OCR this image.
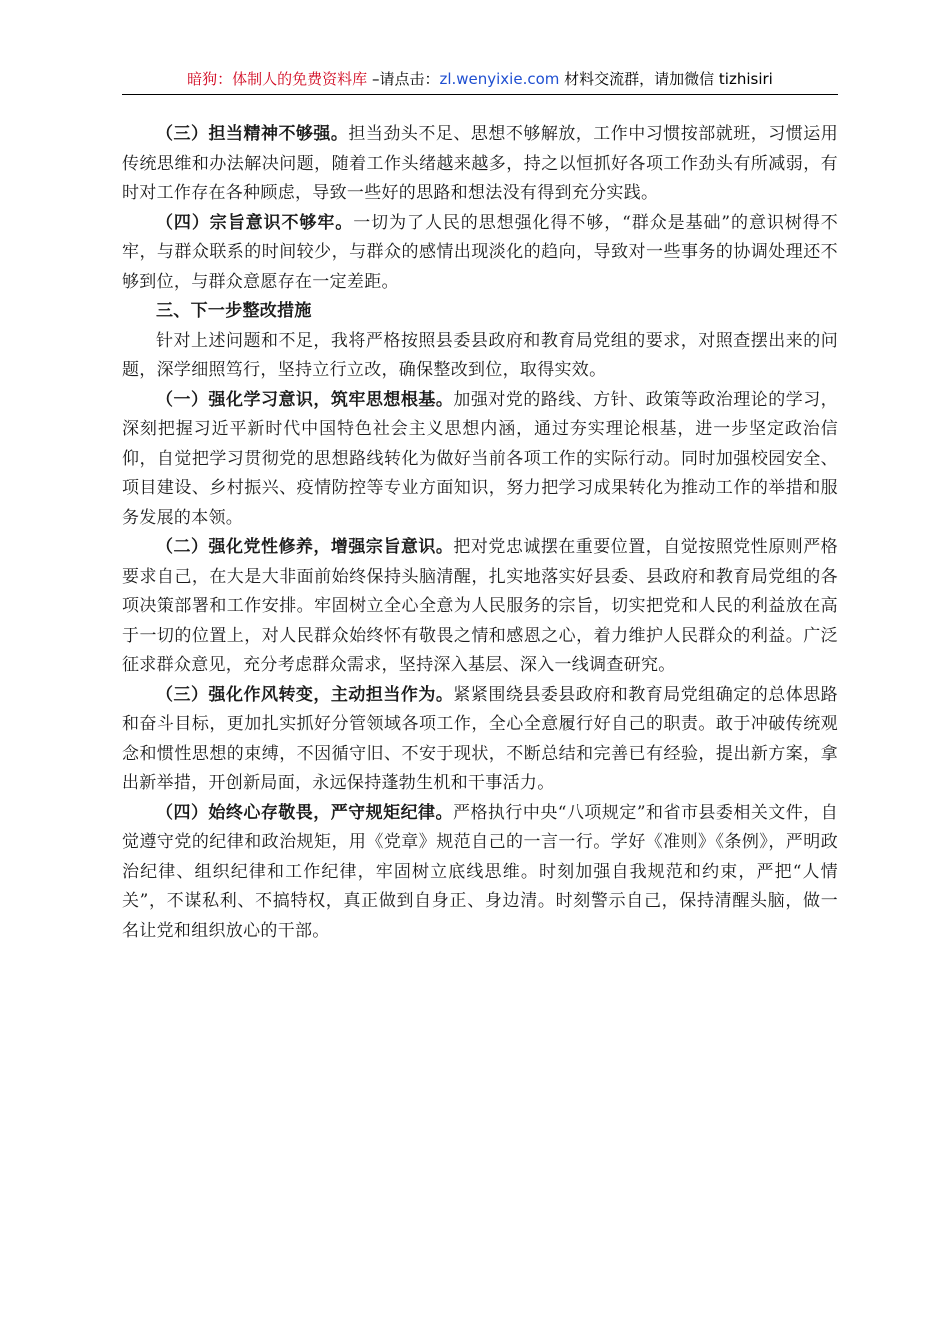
暗狗：体制人的免费资料库 –请点击：zl.wenyixie.com 材料交流群，请加微信 tizhisiri

（三）担当精神不够强。担当劲头不足、思想不够解放，工作中习惯按部就班，习惯运用传统思维和办法解决问题，随着工作头绪越来越多，持之以恒抓好各项工作劲头有所减弱，有时对工作存在各种顾虑，导致一些好的思路和想法没有得到充分实践。

（四）宗旨意识不够牢。一切为了人民的思想强化得不够，“群众是基础”的意识树得不牢，与群众联系的时间较少，与群众的感情出现淡化的趋向，导致对一些事务的协调处理还不够到位，与群众意愿存在一定差距。

三、下一步整改措施

针对上述问题和不足，我将严格按照县委县政府和教育局党组的要求，对照查摆出来的问题，深学细照笃行，坚持立行立改，确保整改到位，取得实效。

（一）强化学习意识，筑牢思想根基。加强对党的路线、方针、政策等政治理论的学习，深刻把握习近平新时代中国特色社会主义思想内涵，通过夯实理论根基，进一步坚定政治信仰，自觉把学习贯彻党的思想路线转化为做好当前各项工作的实际行动。同时加强校园安全、项目建设、乡村振兴、疫情防控等专业方面知识，努力把学习成果转化为推动工作的举措和服务发展的本领。

（二）强化党性修养，增强宗旨意识。把对党忠诚摆在重要位置，自觉按照党性原则严格要求自己，在大是大非面前始终保持头脑清醒，扎实地落实好县委、县政府和教育局党组的各项决策部署和工作安排。牢固树立全心全意为人民服务的宗旨，切实把党和人民的利益放在高于一切的位置上，对人民群众始终怀有敬畏之情和感恩之心，着力维护人民群众的利益。广泛征求群众意见，充分考虑群众需求，坚持深入基层、深入一线调查研究。

（三）强化作风转变，主动担当作为。紧紧围绕县委县政府和教育局党组确定的总体思路和奋斗目标，更加扎实抓好分管领域各项工作，全心全意履行好自己的职责。敢于冲破传统观念和惯性思想的束缚，不因循守旧、不安于现状，不断总结和完善已有经验，提出新方案，拿出新举措，开创新局面，永远保持蓬勃生机和干事活力。

（四）始终心存敬畏，严守规矩纪律。严格执行中央“八项规定”和省市县委相关文件，自觉遵守党的纪律和政治规矩，用《党章》规范自己的一言一行。学好《准则》《条例》，严明政治纪律、组织纪律和工作纪律，牢固树立底线思维。时刻加强自我规范和约束，严把“人情关”，不谋私利、不搞特权，真正做到自身正、身边清。时刻警示自己，保持清醒头脑，做一名让党和组织放心的干部。
